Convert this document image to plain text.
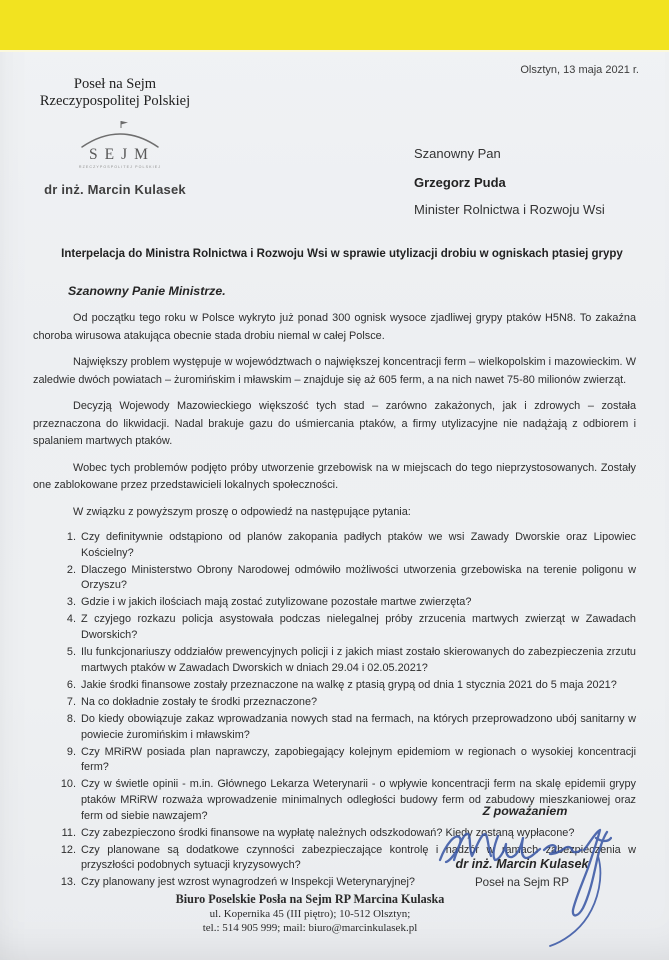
Olsztyn, 13 maja 2021 r.
Poseł na Sejm
Rzeczypospolitej Polskiej
SEJM
RZECZYPOSPOLITEJ POLSKIEJ
dr inż. Marcin Kulasek
Szanowny Pan
Grzegorz Puda
Minister Rolnictwa i Rozwoju Wsi
Interpelacja do Ministra Rolnictwa i Rozwoju Wsi w sprawie utylizacji drobiu w ogniskach ptasiej grypy
Szanowny Panie Ministrze.

Od początku tego roku w Polsce wykryto już ponad 300 ognisk wysoce zjadliwej grypy ptaków H5N8. To zakaźna choroba wirusowa atakująca obecnie stada drobiu niemal w całej Polsce.

Największy problem występuje w województwach o największej koncentracji ferm – wielkopolskim i mazowieckim. W zaledwie dwóch powiatach – żuromińskim i mławskim – znajduje się aż 605 ferm, a na nich nawet 75-80 milionów zwierząt.

Decyzją Wojewody Mazowieckiego większość tych stad – zarówno zakażonych, jak i zdrowych – została przeznaczona do likwidacji. Nadal brakuje gazu do uśmiercania ptaków, a firmy utylizacyjne nie nadążają z odbiorem i spalaniem martwych ptaków.

Wobec tych problemów podjęto próby utworzenie grzebowisk na w miejscach do tego nieprzystosowanych. Zostały one zablokowane przez przedstawicieli lokalnych społeczności.

W związku z powyższym proszę o odpowiedź na następujące pytania:

1. Czy definitywnie odstąpiono od planów zakopania padłych ptaków we wsi Zawady Dworskie oraz Lipowiec Kościelny?
2. Dlaczego Ministerstwo Obrony Narodowej odmówiło możliwości utworzenia grzebowiska na terenie poligonu w Orzyszu?
3. Gdzie i w jakich ilościach mają zostać zutylizowane pozostałe martwe zwierzęta?
4. Z czyjego rozkazu policja asystowała podczas nielegalnej próby zrzucenia martwych zwierząt w Zawadach Dworskich?
5. Ilu funkcjonariuszy oddziałów prewencyjnych policji i z jakich miast zostało skierowanych do zabezpieczenia zrzutu martwych ptaków w Zawadach Dworskich w dniach 29.04 i 02.05.2021?
6. Jakie środki finansowe zostały przeznaczone na walkę z ptasią grypą od dnia 1 stycznia 2021 do 5 maja 2021?
7. Na co dokładnie zostały te środki przeznaczone?
8. Do kiedy obowiązuje zakaz wprowadzania nowych stad na fermach, na których przeprowadzono ubój sanitarny w powiecie żuromińskim i mławskim?
9. Czy MRiRW posiada plan naprawczy, zapobiegający kolejnym epidemiom w regionach o wysokiej koncentracji ferm?
10. Czy w świetle opinii - m.in. Głównego Lekarza Weterynarii - o wpływie koncentracji ferm na skalę epidemii grypy ptaków MRiRW rozważa wprowadzenie minimalnych odległości budowy ferm od zabudowy mieszkaniowej oraz ferm od siebie nawzajem?
11. Czy zabezpieczono środki finansowe na wypłatę należnych odszkodowań? Kiedy zostaną wypłacone?
12. Czy planowane są dodatkowe czynności zabezpieczające kontrolę i nadzór w ramach zabezpieczenia w przyszłości podobnych sytuacji kryzysowych?
13. Czy planowany jest wzrost wynagrodzeń w Inspekcji Weterynaryjnej?
Z poważaniem
dr inż. Marcin Kulasek
Poseł na Sejm RP
Biuro Poselskie Posła na Sejm RP Marcina Kulaska
ul. Kopernika 45 (III piętro); 10-512 Olsztyn;
tel.: 514 905 999; mail: biuro@marcinkulasek.pl
